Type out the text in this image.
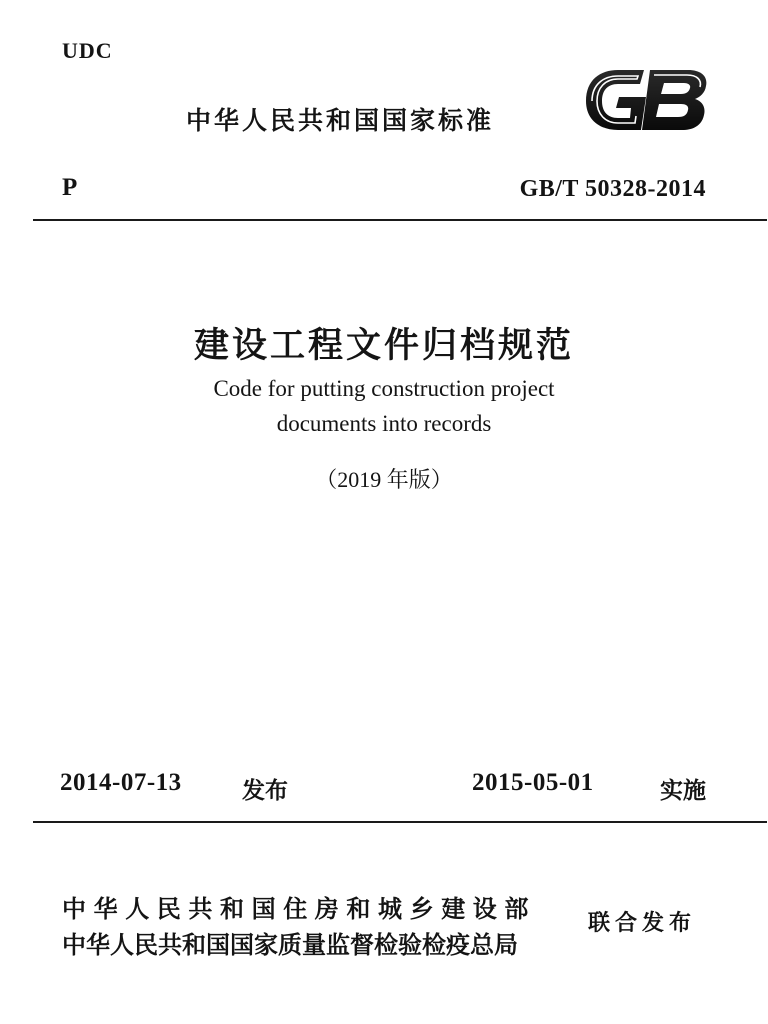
UDC
中华人民共和国国家标准
P	GB/T 50328-2014
建设工程文件归档规范
Code for putting construction project
documents into records
（2019 年版）
2014-07-13	发布	2015-05-01	实施
中华人民共和国住房和城乡建设部
中华人民共和国国家质量监督检验检疫总局
联合发布
